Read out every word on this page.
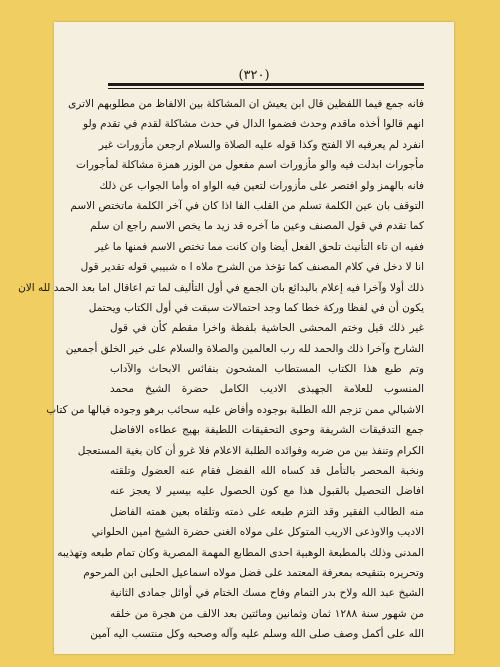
(٣٢٠)
فانه جمع فيما اللفظين قال ابن يعيش ان المشاكلة بين الالفاظ من مطلوبهم الاترى
انهم قالوا أخذه ماقدم وحدث فضموا الدال في حدث مشاكلة لقدم في تقدم ولو
انفرد لم يعرفيه الا الفتح وكذا قوله عليه الصلاة والسلام ارجعن مأزورات غير
مأجورات ابدلت فيه والو مأزورات اسم مفعول من الوزر همزة مشاكلة لمأجورات
فانه بالهمز ولو افتصر على مأزورات لتعين فيه الواو اه وأما الجواب عن ذلك
التوقف بان عين الكلمة تسلم من القلب الفا اذا كان في آخر الكلمة ماتختص الاسم
كما تقدم في قول المصنف وعين ما آخره قد زيد ما يخص الاسم راجع ان سلم
ففيه ان تاء التأنيث تلحق الفعل أيضا وان كانت مما تختص الاسم فمنها ما غير
انا لا دخل في كلام المصنف كما تؤخذ من الشرح ملاه ا ه شبيبي قوله تقدير قول
ذلك أولا وآخرا فيه إعلام بالبدائع بان الجمع في أول التأليف لما تم اعاقال اما بعد الحمد لله الان
يكون أن في لفظا وركة خطا كما وجد احتمالات سبقت في أول الكتاب ويحتمل
غير ذلك قيل وختم المحشى الحاشية بلفظة واخرا مقطم كأن في قول
الشارح وآخرا ذلك والحمد لله رب العالمين والصلاة والسلام على خير الخلق أجمعين
وتم طبع هذا الكتاب المستطاب المشحون بنفائس الابحاث والآداب
المنسوب للعلامة الجهبذى الاديب الكامل حضرة الشيخ محمد
الاشبالي ممن تزجم الله الطلبة بوجوده وأفاض عليه سحائب برهو وجوده فيالها من كتاب
جمع التدقيقات الشريفة وحوى التحقيقات اللطيفة بهيج عطاءه الافاضل
الكرام وتنفذ بين من ضربه وفوائده الطلبة الاعلام فلا غرو أن كان بغية المستعجل
ونخبة المحصر بالتأمل قد كساه الله الفضل فقام عنه العضول وتلقته
افاضل التحصيل بالقبول هذا مع كون الحصول عليه بيسير لا يعجز عنه
منه الطالب الفقير وقد التزم طبعه على ذمته وتلقاه بعين همته الفاضل
الاديب والاوذعى الاريب المتوكل على مولاه الغنى حضرة الشيخ امين الحلواني
المدنى وذلك بالمطبعة الوهبية احدى المطابع المهمة المصرية وكان تمام طبعه وتهذيبه
وتحريره بتنقيحه بمعرفة المعتمد على فضل مولاه اسماعيل الحلبى ابن المرحوم
الشيخ عبد الله ولاح بدر التمام وفاح مسك الختام في أوائل جمادى الثانية
من شهور سنة ١٢٨٨ ثمان وثمانين ومائتين بعد الالف من هجرة من خلقه
الله على أكمل وصف صلى الله وسلم عليه وآله وصحبه وكل منتسب اليه آمين
